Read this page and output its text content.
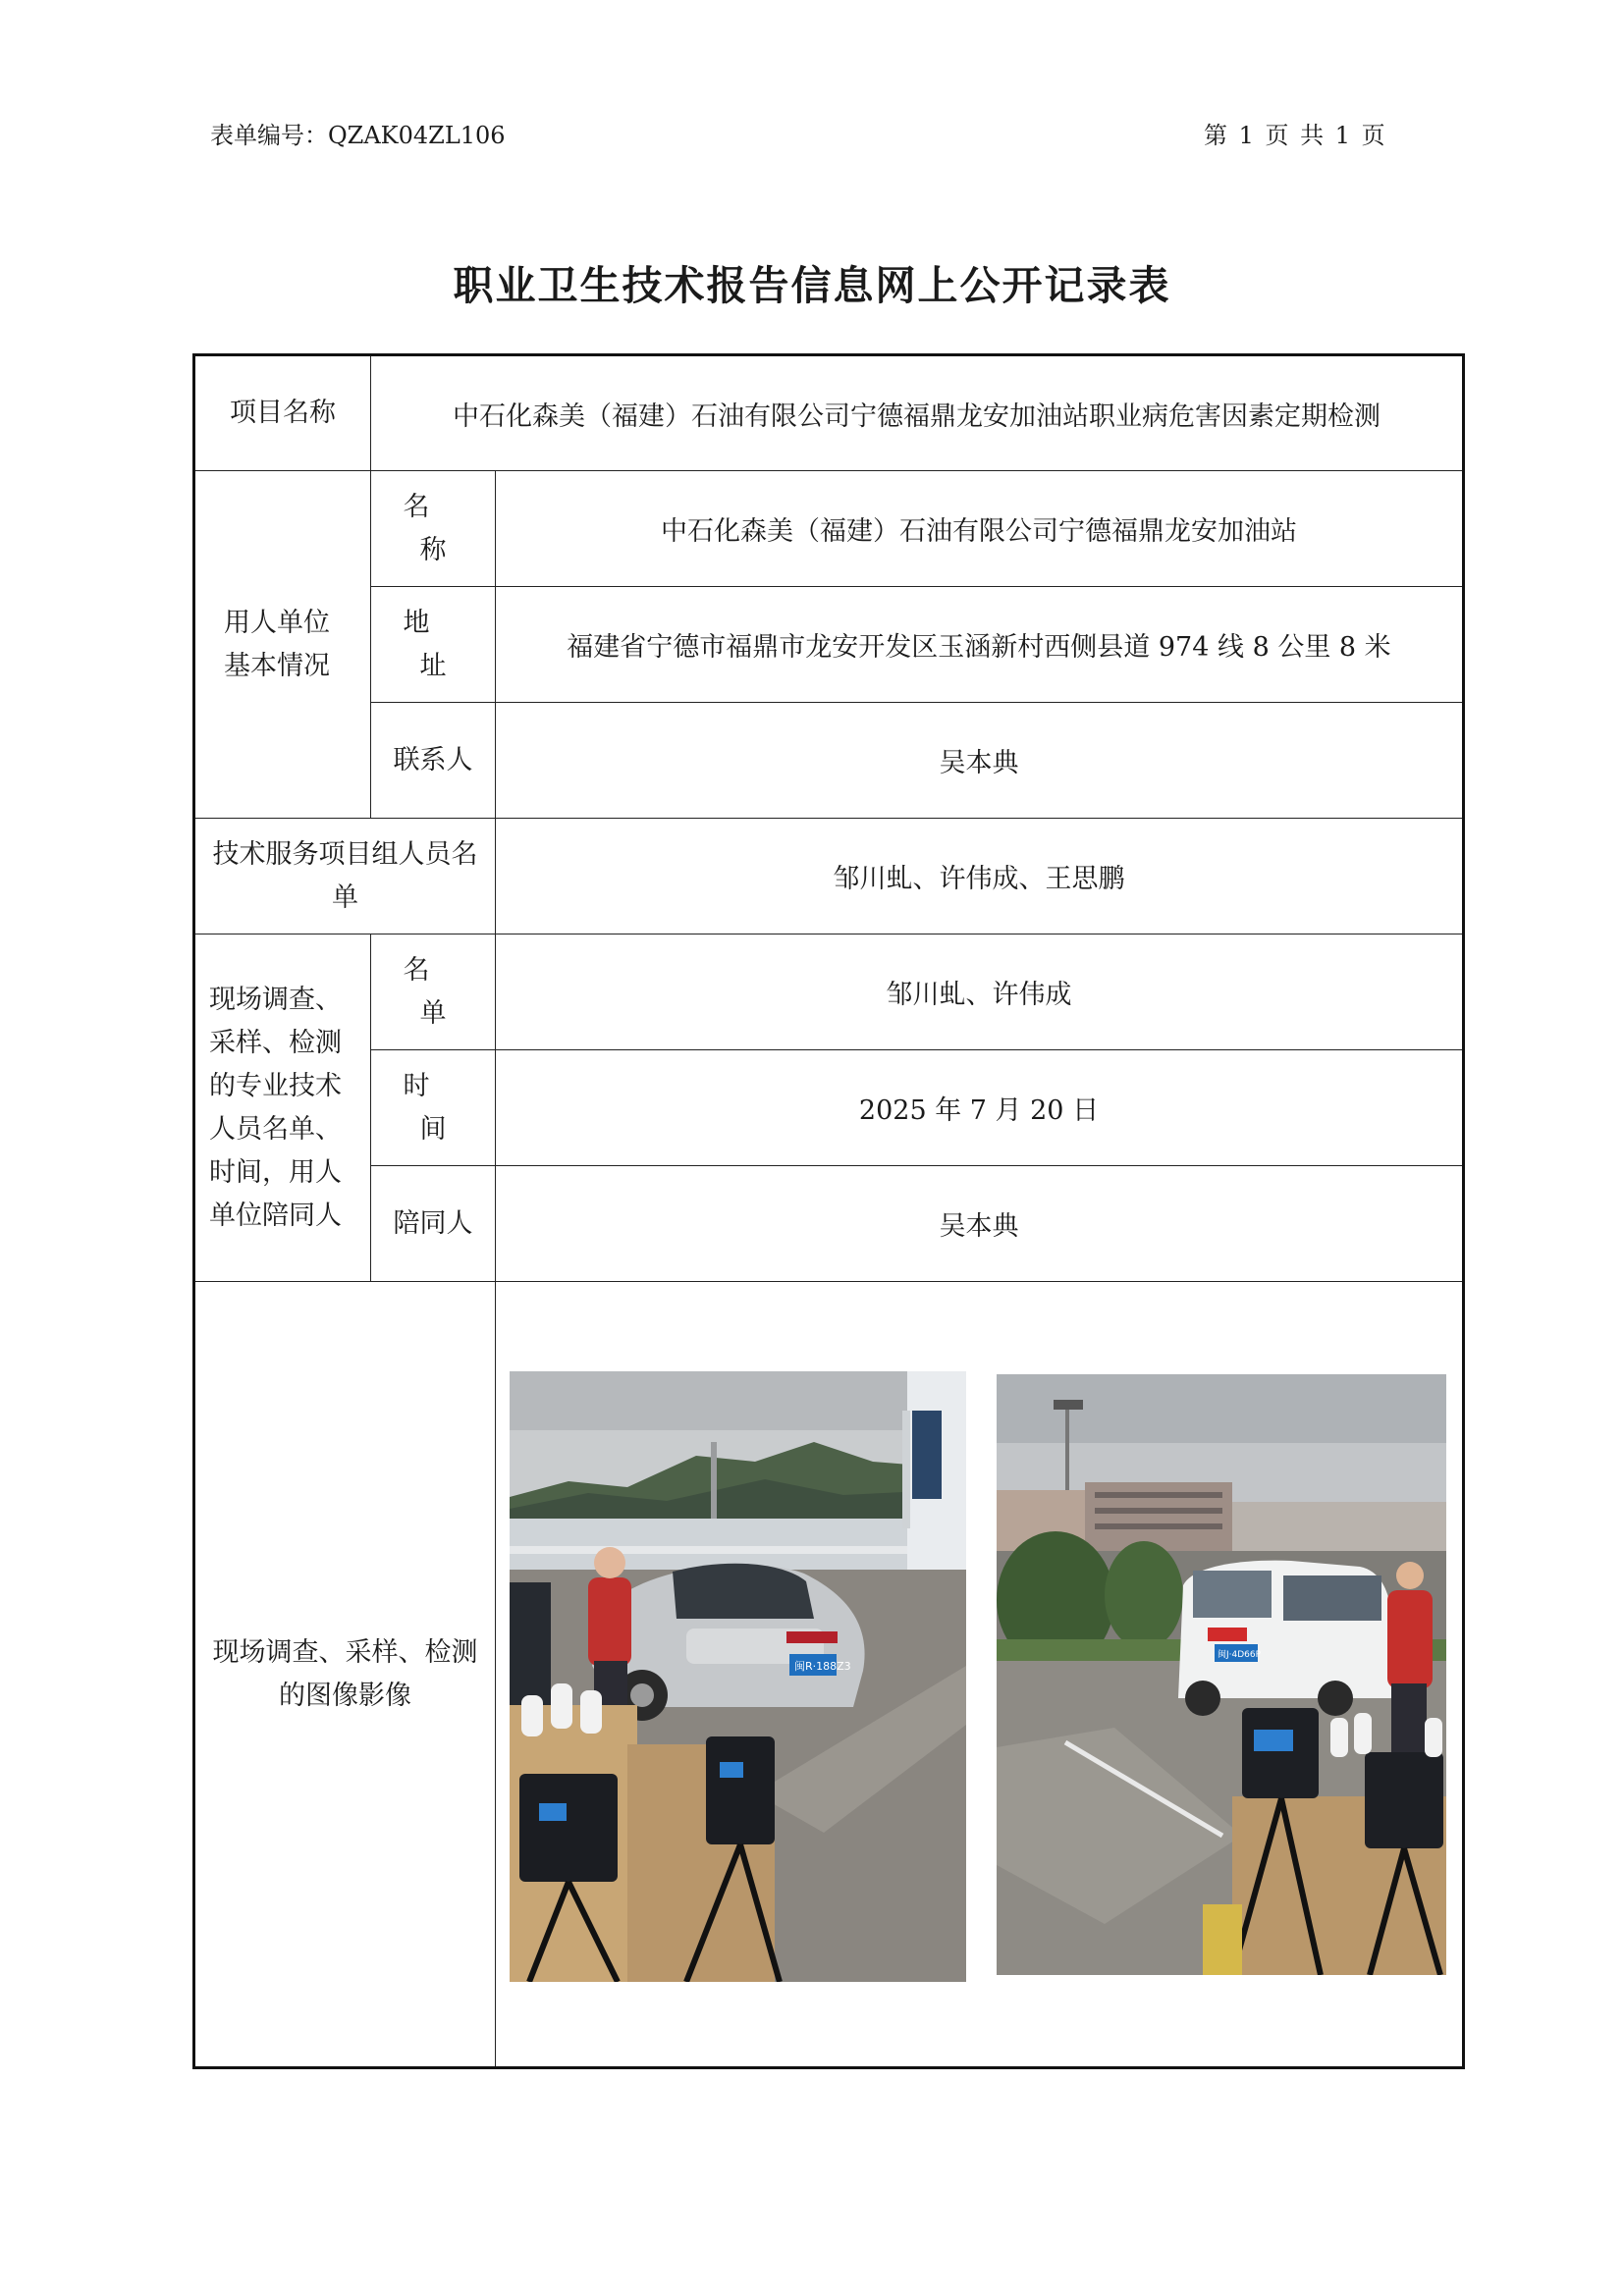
表单编号：QZAK04ZL106	第 1 页 共 1 页
职业卫生技术报告信息网上公开记录表
项目名称	中石化森美（福建）石油有限公司宁德福鼎龙安加油站职业病危害因素定期检测	
用人单位基本情况	名 称	中石化森美（福建）石油有限公司宁德福鼎龙安加油站
	地 址	福建省宁德市福鼎市龙安开发区玉涵新村西侧县道 974 线 8 公里 8 米
	联系人	吴本典
技术服务项目组人员名单		邹川虬、许伟成、王思鹏
现场调查、采样、检测的专业技术人员名单、时间，用人单位陪同人	名 单	邹川虬、许伟成
	时 间	2025 年 7 月 20 日
	陪同人	吴本典
现场调查、采样、检测的图像影像		闽R·188Z3
闽J·4D66P
